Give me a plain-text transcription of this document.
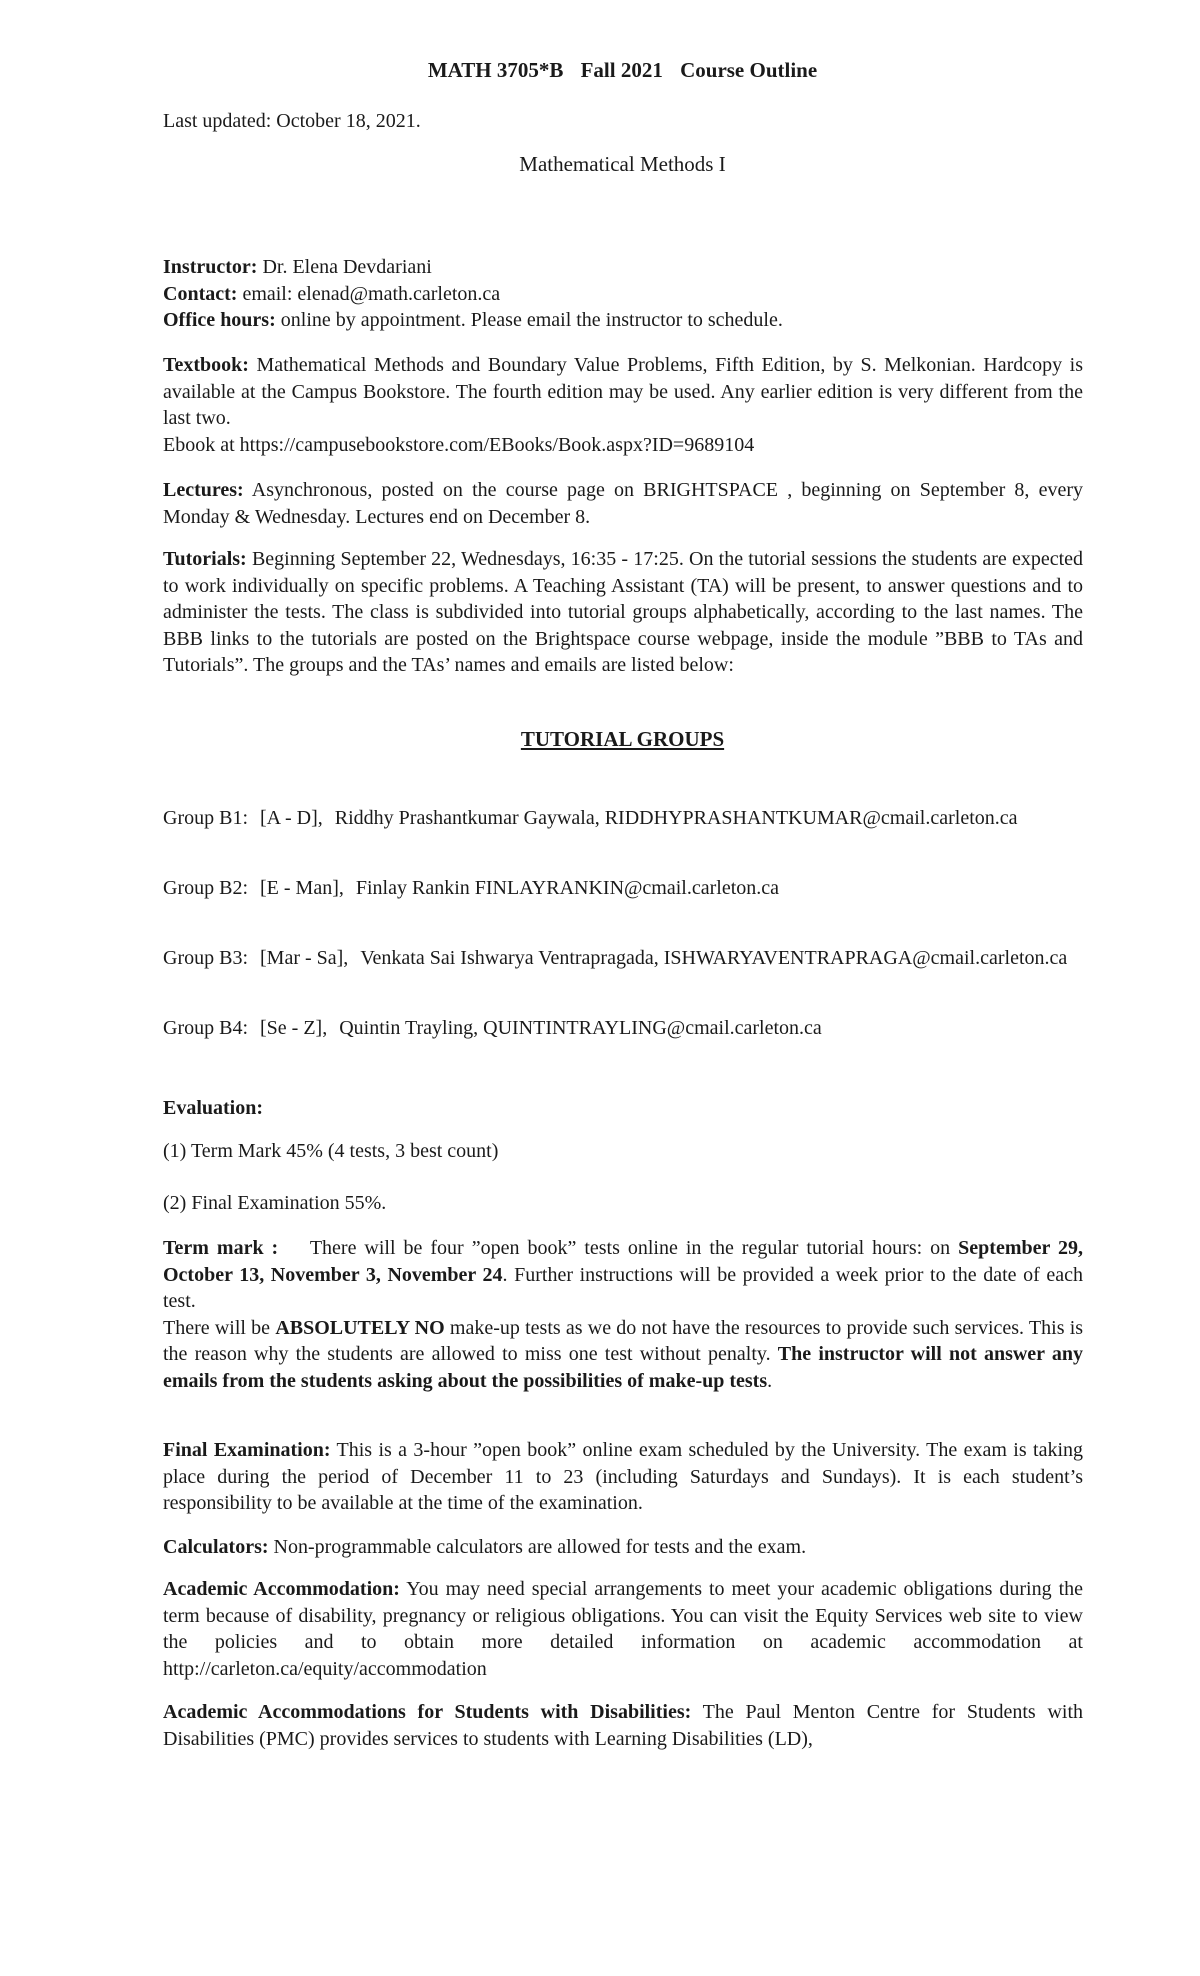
MATH 3705*B Fall 2021 Course Outline
Last updated: October 18, 2021.
Mathematical Methods I
Instructor: Dr. Elena Devdariani
Contact: email: elenad@math.carleton.ca
Office hours: online by appointment. Please email the instructor to schedule.

Textbook: Mathematical Methods and Boundary Value Problems, Fifth Edition, by S. Melkonian. Hardcopy is available at the Campus Bookstore. The fourth edition may be used. Any earlier edition is very different from the last two.

Ebook at https://campusebookstore.com/EBooks/Book.aspx?ID=9689104

Lectures: Asynchronous, posted on the course page on BRIGHTSPACE , beginning on September 8, every Monday & Wednesday. Lectures end on December 8.

Tutorials: Beginning September 22, Wednesdays, 16:35 - 17:25. On the tutorial sessions the students are expected to work individually on specific problems. A Teaching Assistant (TA) will be present, to answer questions and to administer the tests. The class is subdivided into tutorial groups alphabetically, according to the last names. The BBB links to the tutorials are posted on the Brightspace course webpage, inside the module ”BBB to TAs and Tutorials”. The groups and the TAs’ names and emails are listed below:

TUTORIAL GROUPS
Group B1: [A - D], Riddhy Prashantkumar Gaywala, RIDDHYPRASHANTKUMAR@cmail.carleton.ca
Group B2: [E - Man], Finlay Rankin FINLAYRANKIN@cmail.carleton.ca
Group B3: [Mar - Sa], Venkata Sai Ishwarya Ventrapragada, ISHWARYAVENTRAPRAGA@cmail.carleton.ca
Group B4: [Se - Z], Quintin Trayling, QUINTINTRAYLING@cmail.carleton.ca
Evaluation:
(1) Term Mark 45% (4 tests, 3 best count)
(2) Final Examination 55%.

Term mark : There will be four ”open book” tests online in the regular tutorial hours: on September 29, October 13, November 3, November 24. Further instructions will be provided a week prior to the date of each test.

There will be ABSOLUTELY NO make-up tests as we do not have the resources to provide such services. This is the reason why the students are allowed to miss one test without penalty. The instructor will not answer any emails from the students asking about the possibilities of make-up tests.

Final Examination: This is a 3-hour ”open book” online exam scheduled by the University. The exam is taking place during the period of December 11 to 23 (including Saturdays and Sundays). It is each student’s responsibility to be available at the time of the examination.

Calculators: Non-programmable calculators are allowed for tests and the exam.

Academic Accommodation: You may need special arrangements to meet your academic obligations during the term because of disability, pregnancy or religious obligations. You can visit the Equity Services web site to view the policies and to obtain more detailed information on academic accommodation at http://carleton.ca/equity/accommodation

Academic Accommodations for Students with Disabilities: The Paul Menton Centre for Students with Disabilities (PMC) provides services to students with Learning Disabilities (LD),
